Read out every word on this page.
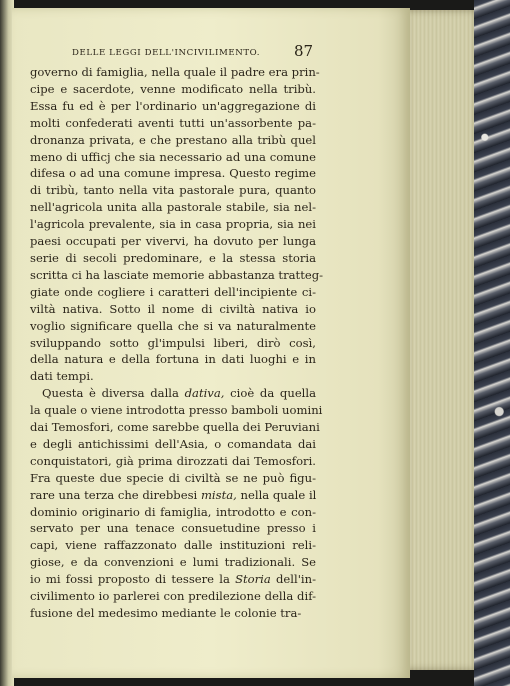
DELLE LEGGI DELL'INCIVILIMENTO.	87
governo di famiglia, nella quale il padre era prin-
cipe e sacerdote, venne modificato nella tribù.
Essa fu ed è per l'ordinario un'aggregazione di
molti confederati aventi tutti un'assorbente pa-
dronanza privata, e che prestano alla tribù quel
meno di ufficj che sia necessario ad una comune
difesa o ad una comune impresa. Questo regime
di tribù, tanto nella vita pastorale pura, quanto
nell'agricola unita alla pastorale stabile, sia nel-
l'agricola prevalente, sia in casa propria, sia nei
paesi occupati per vivervi, ha dovuto per lunga
serie di secoli predominare, e la stessa storia
scritta ci ha lasciate memorie abbastanza tratteg-
giate onde cogliere i caratteri dell'incipiente ci-
viltà nativa. Sotto il nome di civiltà nativa io
voglio significare quella che si va naturalmente
sviluppando sotto gl'impulsi liberi, dirò così,
della natura e della fortuna in dati luoghi e in
dati tempi.
Questa è diversa dalla dativa, cioè da quella
la quale o viene introdotta presso bamboli uomini
dai Temosfori, come sarebbe quella dei Peruviani
e degli antichissimi dell'Asia, o comandata dai
conquistatori, già prima dirozzati dai Temosfori.
Fra queste due specie di civiltà se ne può figu-
rare una terza che direbbesi mista, nella quale il
dominio originario di famiglia, introdotto e con-
servato per una tenace consuetudine presso i
capi, viene raffazzonato dalle instituzioni reli-
giose, e da convenzioni e lumi tradizionali. Se
io mi fossi proposto di tessere la Storia dell'in-
civilimento io parlerei con predilezione della dif-
fusione del medesimo mediante le colonie tra-
